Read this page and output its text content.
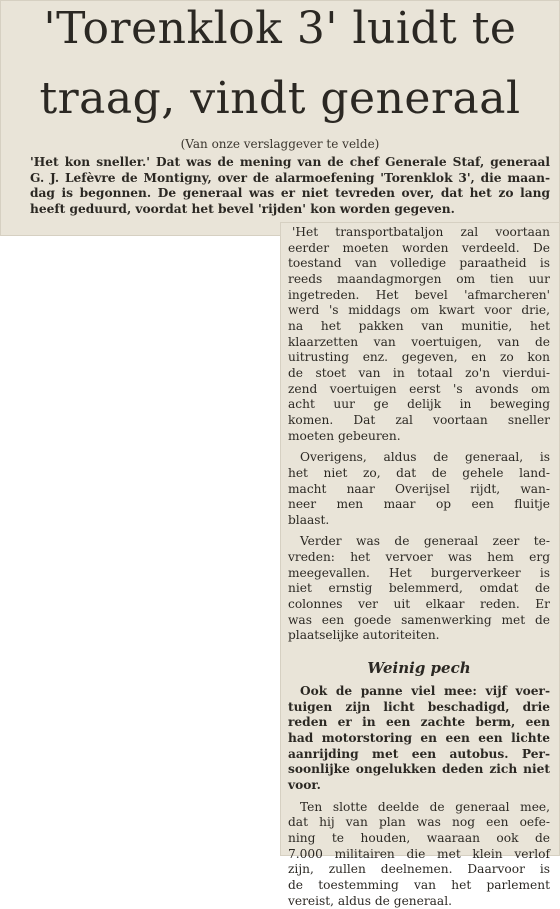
'Torenklok 3' luidt te
traag, vindt generaal
(Van onze verslaggever te velde)
'Het kon sneller.' Dat was de mening van de chef Generale Staf, generaal
G. J. Lefèvre de Montigny, over de alarmoefening 'Torenklok 3', die maan-
dag is begonnen. De generaal was er niet tevreden over, dat het zo lang
heeft geduurd, voordat het bevel 'rijden' kon worden gegeven.

'Het transportbataljon zal voortaan
eerder moeten worden verdeeld. De
toestand van volledige paraatheid is
reeds maandagmorgen om tien uur
ingetreden. Het bevel 'afmarcheren'
werd 's middags om kwart voor drie,
na het pakken van munitie, het
klaarzetten van voertuigen, van de
uitrusting enz. gegeven, en zo kon
de stoet van in totaal zo'n vierdui-
zend voertuigen eerst 's avonds om
acht uur ge delijk in beweging
komen. Dat zal voortaan sneller
moeten gebeuren.

Overigens, aldus de generaal, is
het niet zo, dat de gehele land-
macht naar Overijsel rijdt, wan-
neer men maar op een fluitje
blaast.

Verder was de generaal zeer te-
vreden: het vervoer was hem erg
meegevallen. Het burgerverkeer is
niet ernstig belemmerd, omdat de
colonnes ver uit elkaar reden. Er
was een goede samenwerking met de
plaatselijke autoriteiten.

Weinig pech

Ook de panne viel mee: vijf voer-
tuigen zijn licht beschadigd, drie
reden er in een zachte berm, een
had motorstoring en een een lichte
aanrijding met een autobus. Per-
soonlijke ongelukken deden zich niet
voor.

Ten slotte deelde de generaal mee,
dat hij van plan was nog een oefe-
ning te houden, waaraan ook de
7.000 militairen die met klein verlof
zijn, zullen deelnemen. Daarvoor is
de toestemming van het parlement
vereist, aldus de generaal.
